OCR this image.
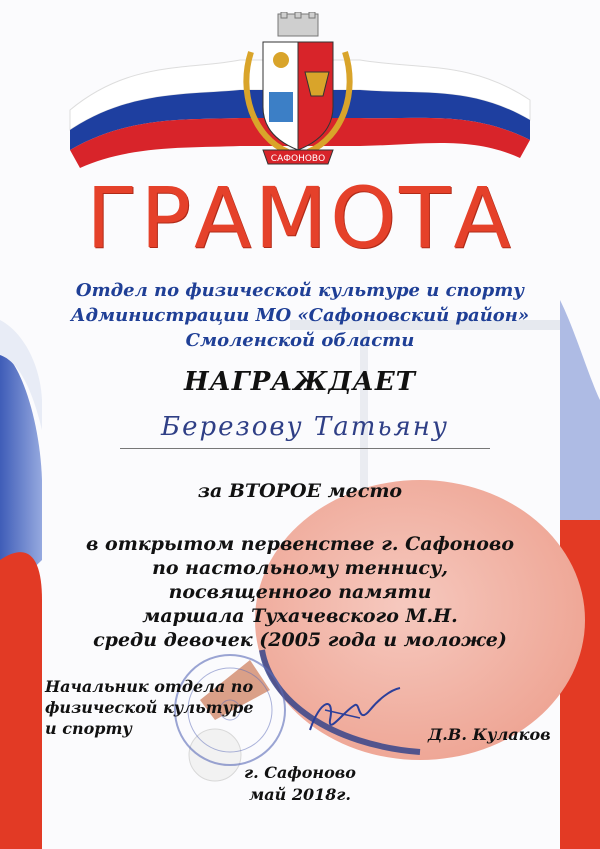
САФОНОВО
ГРАМОТА
Отдел по физической культуре и спорту
Администрации МО «Сафоновский район»
Смоленской области
НАГРАЖДАЕТ
Березову Татьяну
за ВТОРОЕ место
в открытом первенстве г. Сафоново
по настольному теннису,
посвященного памяти
маршала Тухачевского М.Н.
среди девочек (2005 года и моложе)
Начальник отдела по
физической культуре
и спорту	Д.В. Кулаков
г. Сафоново
май 2018г.
